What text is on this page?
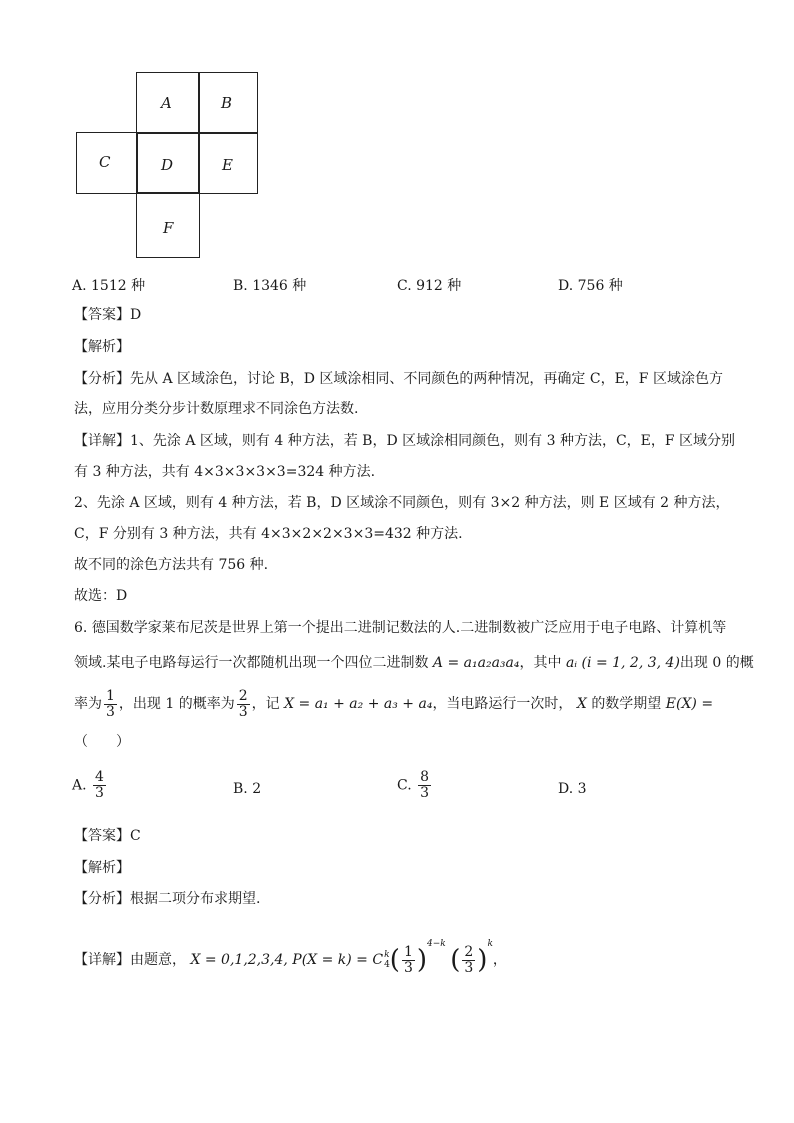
A	B
C	D	E
F
A. 1512 种	B. 1346 种	C. 912 种	D. 756 种
【答案】D
【解析】
【分析】先从 A 区域涂色，讨论 B，D 区域涂相同、不同颜色的两种情况，再确定 C，E，F 区域涂色方
法，应用分类分步计数原理求不同涂色方法数.
【详解】1、先涂 A 区域，则有 4 种方法，若 B，D 区域涂相同颜色，则有 3 种方法，C，E，F 区域分别
有 3 种方法，共有 4×3×3×3×3=324 种方法.
2、先涂 A 区域，则有 4 种方法，若 B，D 区域涂不同颜色，则有 3×2 种方法，则 E 区域有 2 种方法，
C，F 分别有 3 种方法，共有 4×3×2×2×3×3=432 种方法.
故不同的涂色方法共有 756 种.
故选：D
6. 德国数学家莱布尼茨是世界上第一个提出二进制记数法的人.二进制数被广泛应用于电子电路、计算机等
领域.某电子电路每运行一次都随机出现一个四位二进制数 A = a₁a₂a₃a₄，其中 aᵢ (i = 1, 2, 3, 4)出现 0 的概
率为 $\frac{1}{3}$ ，出现 1 的概率为 $\frac{2}{3}$ ，记 X = a₁ + a₂ + a₃ + a₄，当电路运行一次时， X 的数学期望 E(X) =
（　　）
A. $\frac{4}{3}$	B. 2	C. $\frac{8}{3}$	D. 3
【答案】C
【解析】
【分析】根据二项分布求期望.
【详解】由题意， X = 0,1,2,3,4, P(X = k) = C k
4 ( $\frac{1}{3} )^{4-k}$ ( $\frac{2}{3} )^k$，
